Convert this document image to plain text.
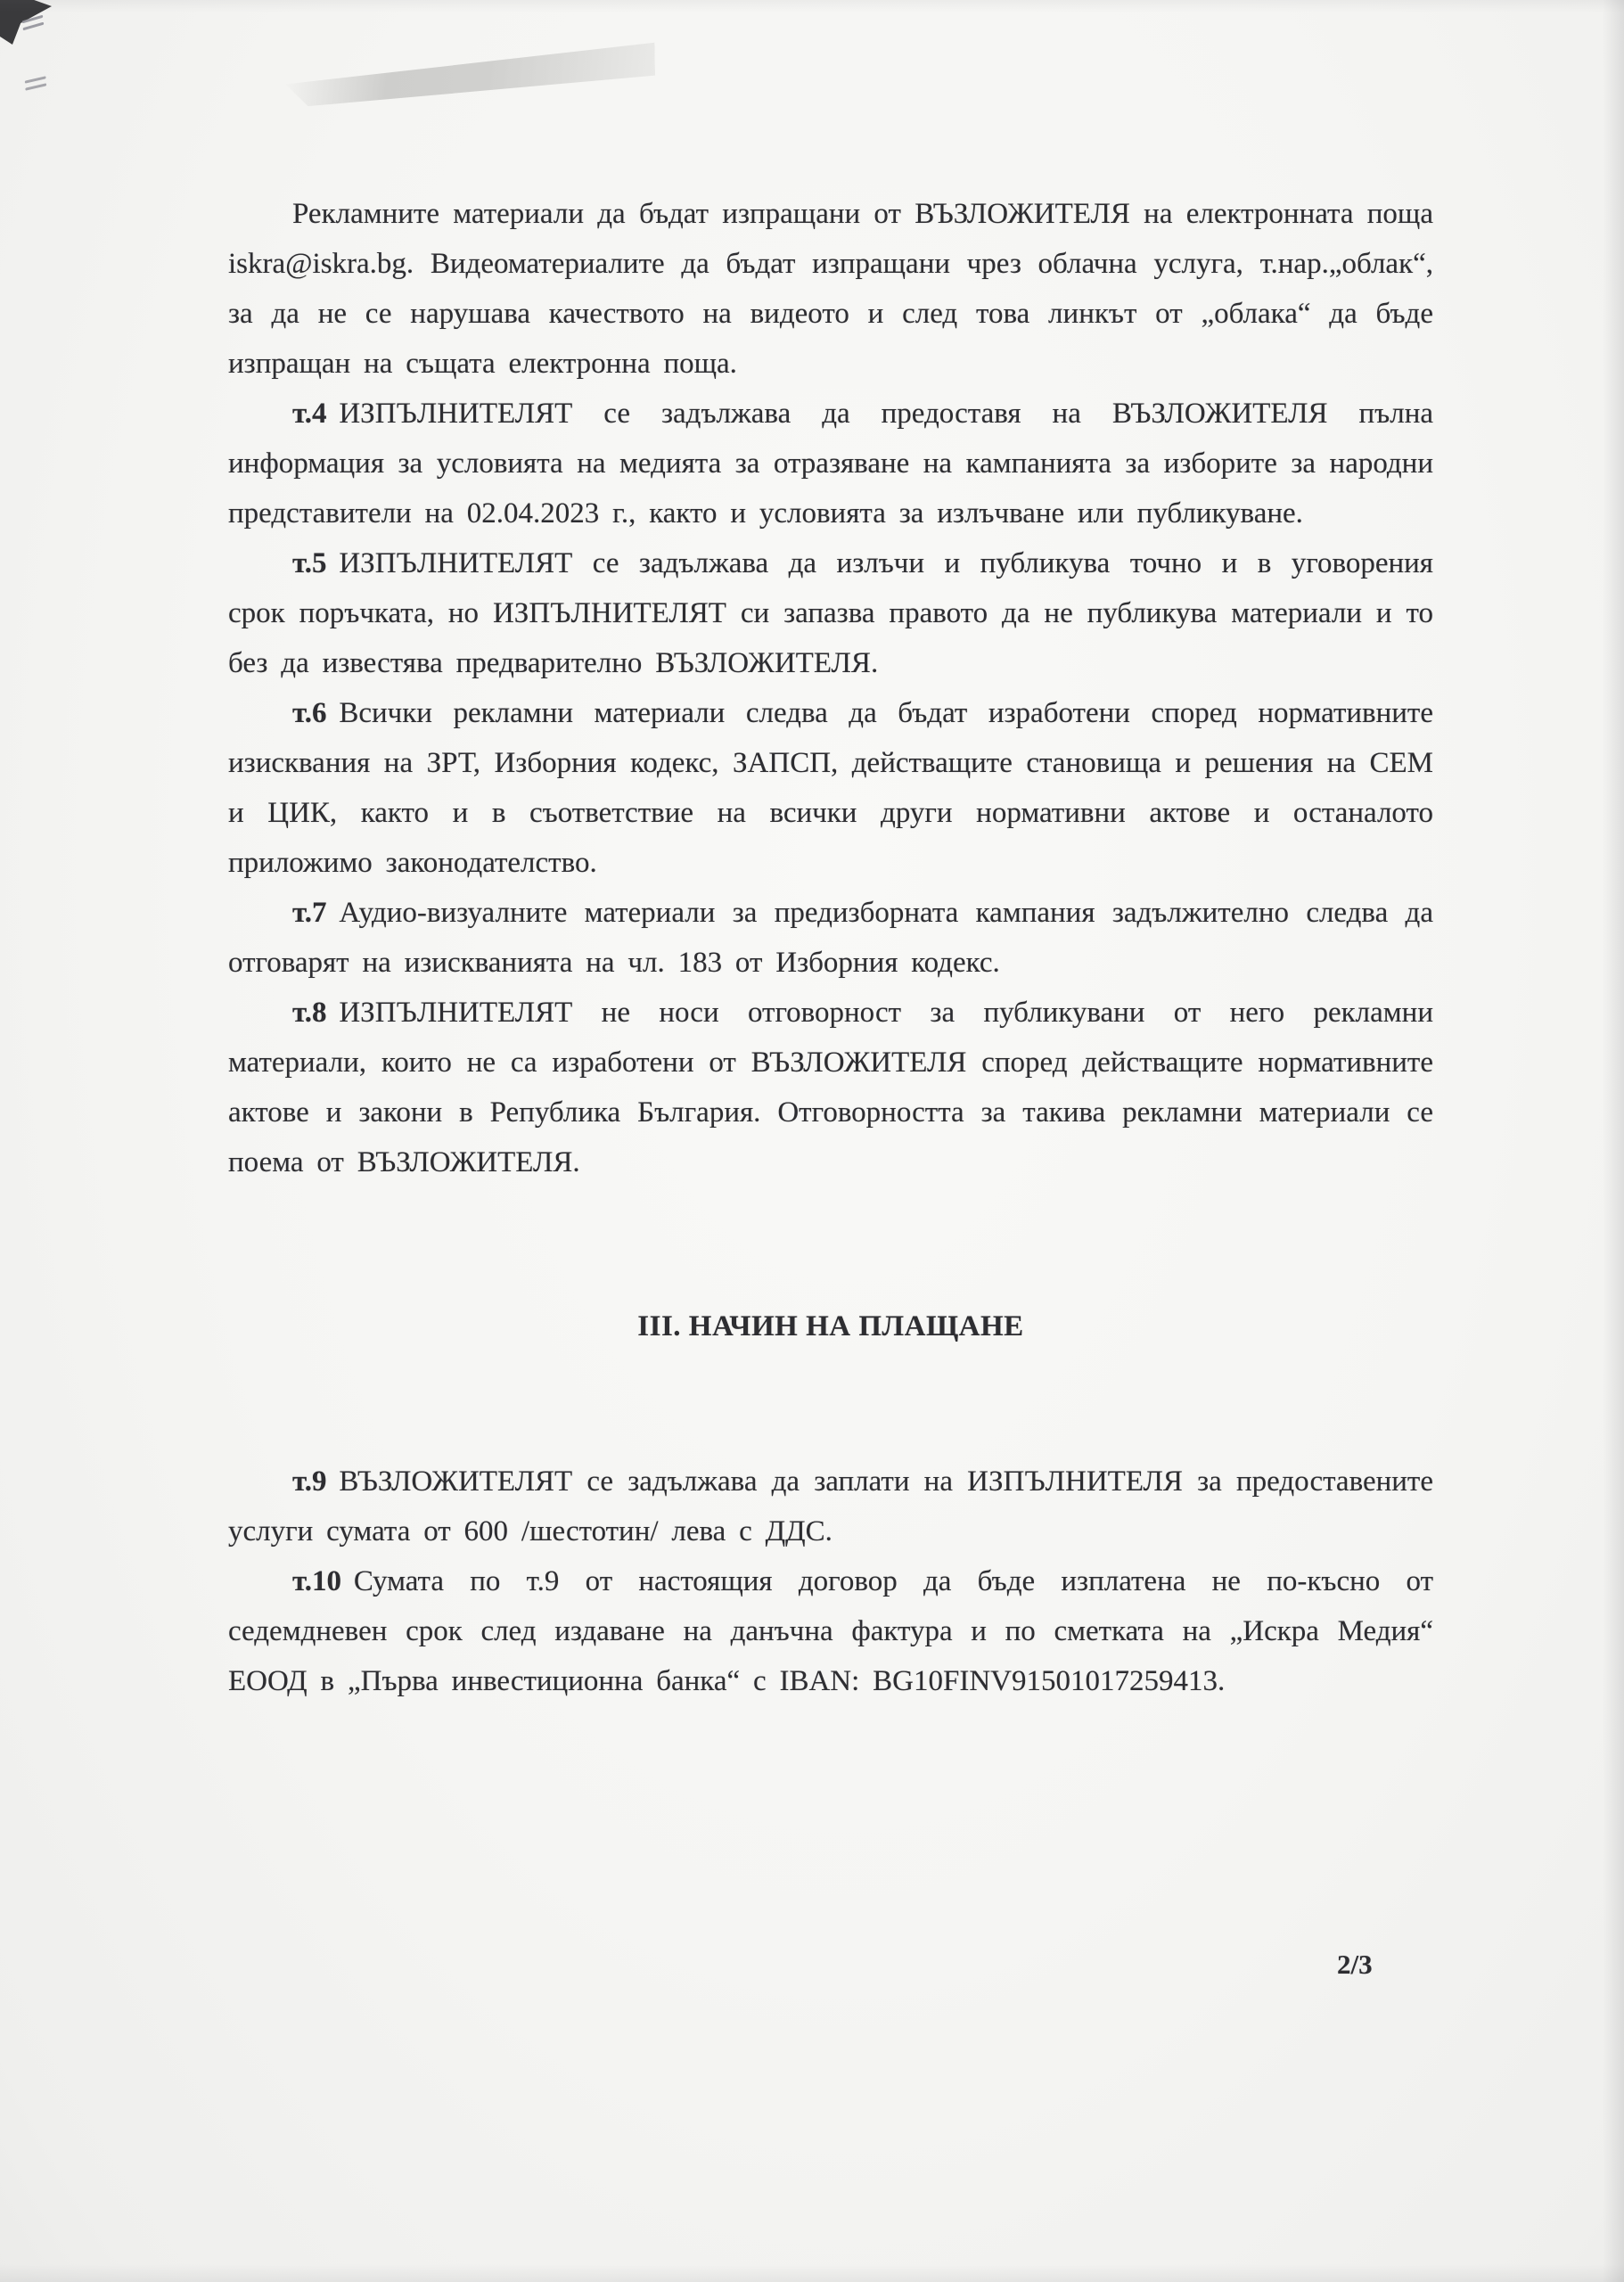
Рекламните материали да бъдат изпращани от ВЪЗЛОЖИТЕЛЯ на електронната поща iskra@iskra.bg. Видеоматериалите да бъдат изпращани чрез облачна услуга, т.нар.„облак“, за да не се нарушава качеството на видеото и след това линкът от „облака“ да бъде изпращан на същата електронна поща.

т.4 ИЗПЪЛНИТЕЛЯТ се задължава да предоставя на ВЪЗЛОЖИТЕЛЯ пълна информация за условията на медията за отразяване на кампанията за изборите за народни представители на 02.04.2023 г., както и условията за излъчване или публикуване.

т.5 ИЗПЪЛНИТЕЛЯТ се задължава да излъчи и публикува точно и в уговорения срок поръчката, но ИЗПЪЛНИТЕЛЯТ си запазва правото да не публикува материали и то без да известява предварително ВЪЗЛОЖИТЕЛЯ.

т.6 Всички рекламни материали следва да бъдат изработени според нормативните изисквания на ЗРТ, Изборния кодекс, ЗАПСП, действащите становища и решения на СЕМ и ЦИК, както и в съответствие на всички други нормативни актове и останалото приложимо законодателство.

т.7 Аудио-визуалните материали за предизборната кампания задължително следва да отговарят на изискванията на чл. 183 от Изборния кодекс.

т.8 ИЗПЪЛНИТЕЛЯТ не носи отговорност за публикувани от него рекламни материали, които не са изработени от ВЪЗЛОЖИТЕЛЯ според действащите нормативните актове и закони в Република България. Отговорността за такива рекламни материали се поема от ВЪЗЛОЖИТЕЛЯ.

III. НАЧИН НА ПЛАЩАНЕ

т.9 ВЪЗЛОЖИТЕЛЯТ се задължава да заплати на ИЗПЪЛНИТЕЛЯ за предоставените услуги сумата от 600 /шестотин/ лева с ДДС.

т.10 Сумата по т.9 от настоящия договор да бъде изплатена не по-късно от седемдневен срок след издаване на данъчна фактура и по сметката на „Искра Медия“ ЕООД в „Първа инвестиционна банка“ с IBAN: BG10FINV91501017259413.

2/3
